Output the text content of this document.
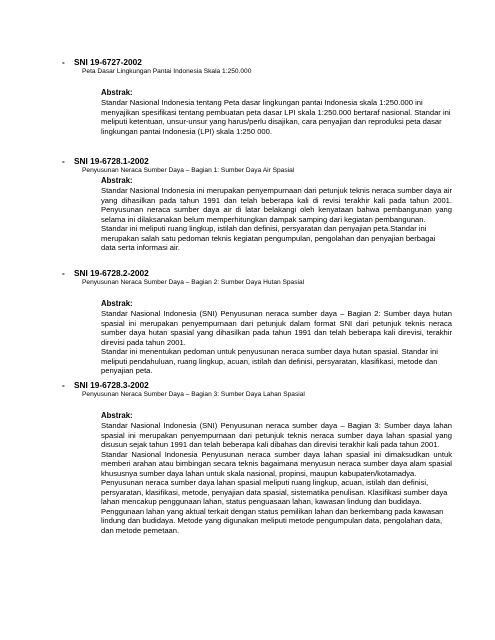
- SNI 19-6727-2002
Peta Dasar Lingkungan Pantai Indonesia Skala 1:250.000
Abstrak:
Standar Nasional Indonesia tentang Peta dasar lingkungan pantai Indonesia skala 1:250.000 ini menyajikan spesifikasi tentang pembuatan peta dasar LPI skala 1:250.000 bertaraf nasional. Standar ini meliputi ketentuan, unsur-unsur yang harus/perlu disajikan, cara penyajian dan reproduksi peta dasar lingkungan pantai Indonesia (LPI) skala 1:250 000.
- SNI 19-6728.1-2002
Penyusunan Neraca Sumber Daya – Bagian 1: Sumber Daya Air Spasial
Abstrak:
Standar Nasional Indonesia ini merupakan penyempurnaan dari petunjuk teknis neraca sumber daya air yang dihasilkan pada tahun 1991 dan telah beberapa kali di revisi terakhir kali pada tahun 2001. Penyusunan neraca sumber daya air di latar belakangi oleh kenyataan bahwa pembangunan yang selama ini dilaksanakan belum memperhitungkan dampak samping dari kegiatan pembangunan.
Standar ini meliputi ruang lingkup, istilah dan definisi, persyaratan dan penyajian peta.Standar ini merupakan salah satu pedoman teknis kegiatan pengumpulan, pengolahan dan penyajian berbagai data serta informasi air.
- SNI 19-6728.2-2002
Penyusunan Neraca Sumber Daya – Bagian 2: Sumber Daya Hutan Spasial
Abstrak:
Standar Nasional Indonesia (SNI) Penyusunan neraca sumber daya – Bagian 2: Sumber daya hutan spasial ini merupakan penyempurnaan dari petunjuk dalam format SNI dari petunjuk teknis neraca sumber daya hutan spasial yang dihasilkan pada tahun 1991 dan telah beberapa kali direvisi, terakhir direvisi pada tahun 2001.
Standar ini menentukan pedoman untuk penyusunan neraca sumber daya hutan spasial. Standar ini meliputi pendahuluan, ruang lingkup, acuan, istilah dan definisi, persyaratan, klasifikasi, metode dan penyajian peta.
- SNI 19-6728.3-2002
Penyusunan Neraca Sumber Daya – Bagian 3: Sumber Daya Lahan Spasial
Abstrak:
Standar Nasional Indonesia (SNI) Penyusunan neraca sumber daya – Bagian 3: Sumber daya lahan spasial ini merupakan penyempurnaan dari petunjuk teknis neraca sumber daya lahan spasial yang disusun sejak tahun 1991 dan telah beberapa kali dibahas dan direvisi terakhir kali pada tahun 2001.
Standar Nasional Indonesia Penyusunan neraca sumber daya lahan spasial ini dimaksudkan untuk memberi arahan atau bimbingan secara teknis bagaimana menyusun neraca sumber daya alam spasial khususnya sumber daya lahan untuk skala nasional, propinsi, maupun kabupaten/kotamadya.
Penyusunan neraca sumber daya lahan spasial meliputi ruang lingkup, acuan, istilah dan definisi, persyaratan, klasifikasi, metode, penyajian data spasial, sistematika penulisan. Klasifikasi sumber daya lahan mencakup penggunaan lahan, status penguasaan lahan, kawasan lindung dan budidaya. Penggunaan lahan yang aktual terkait dengan status pemilikan lahan dan berkembang pada kawasan lindung dan budidaya. Metode yang digunakan meliputi metode pengumpulan data, pengolahan data, dan metode pemetaan.
